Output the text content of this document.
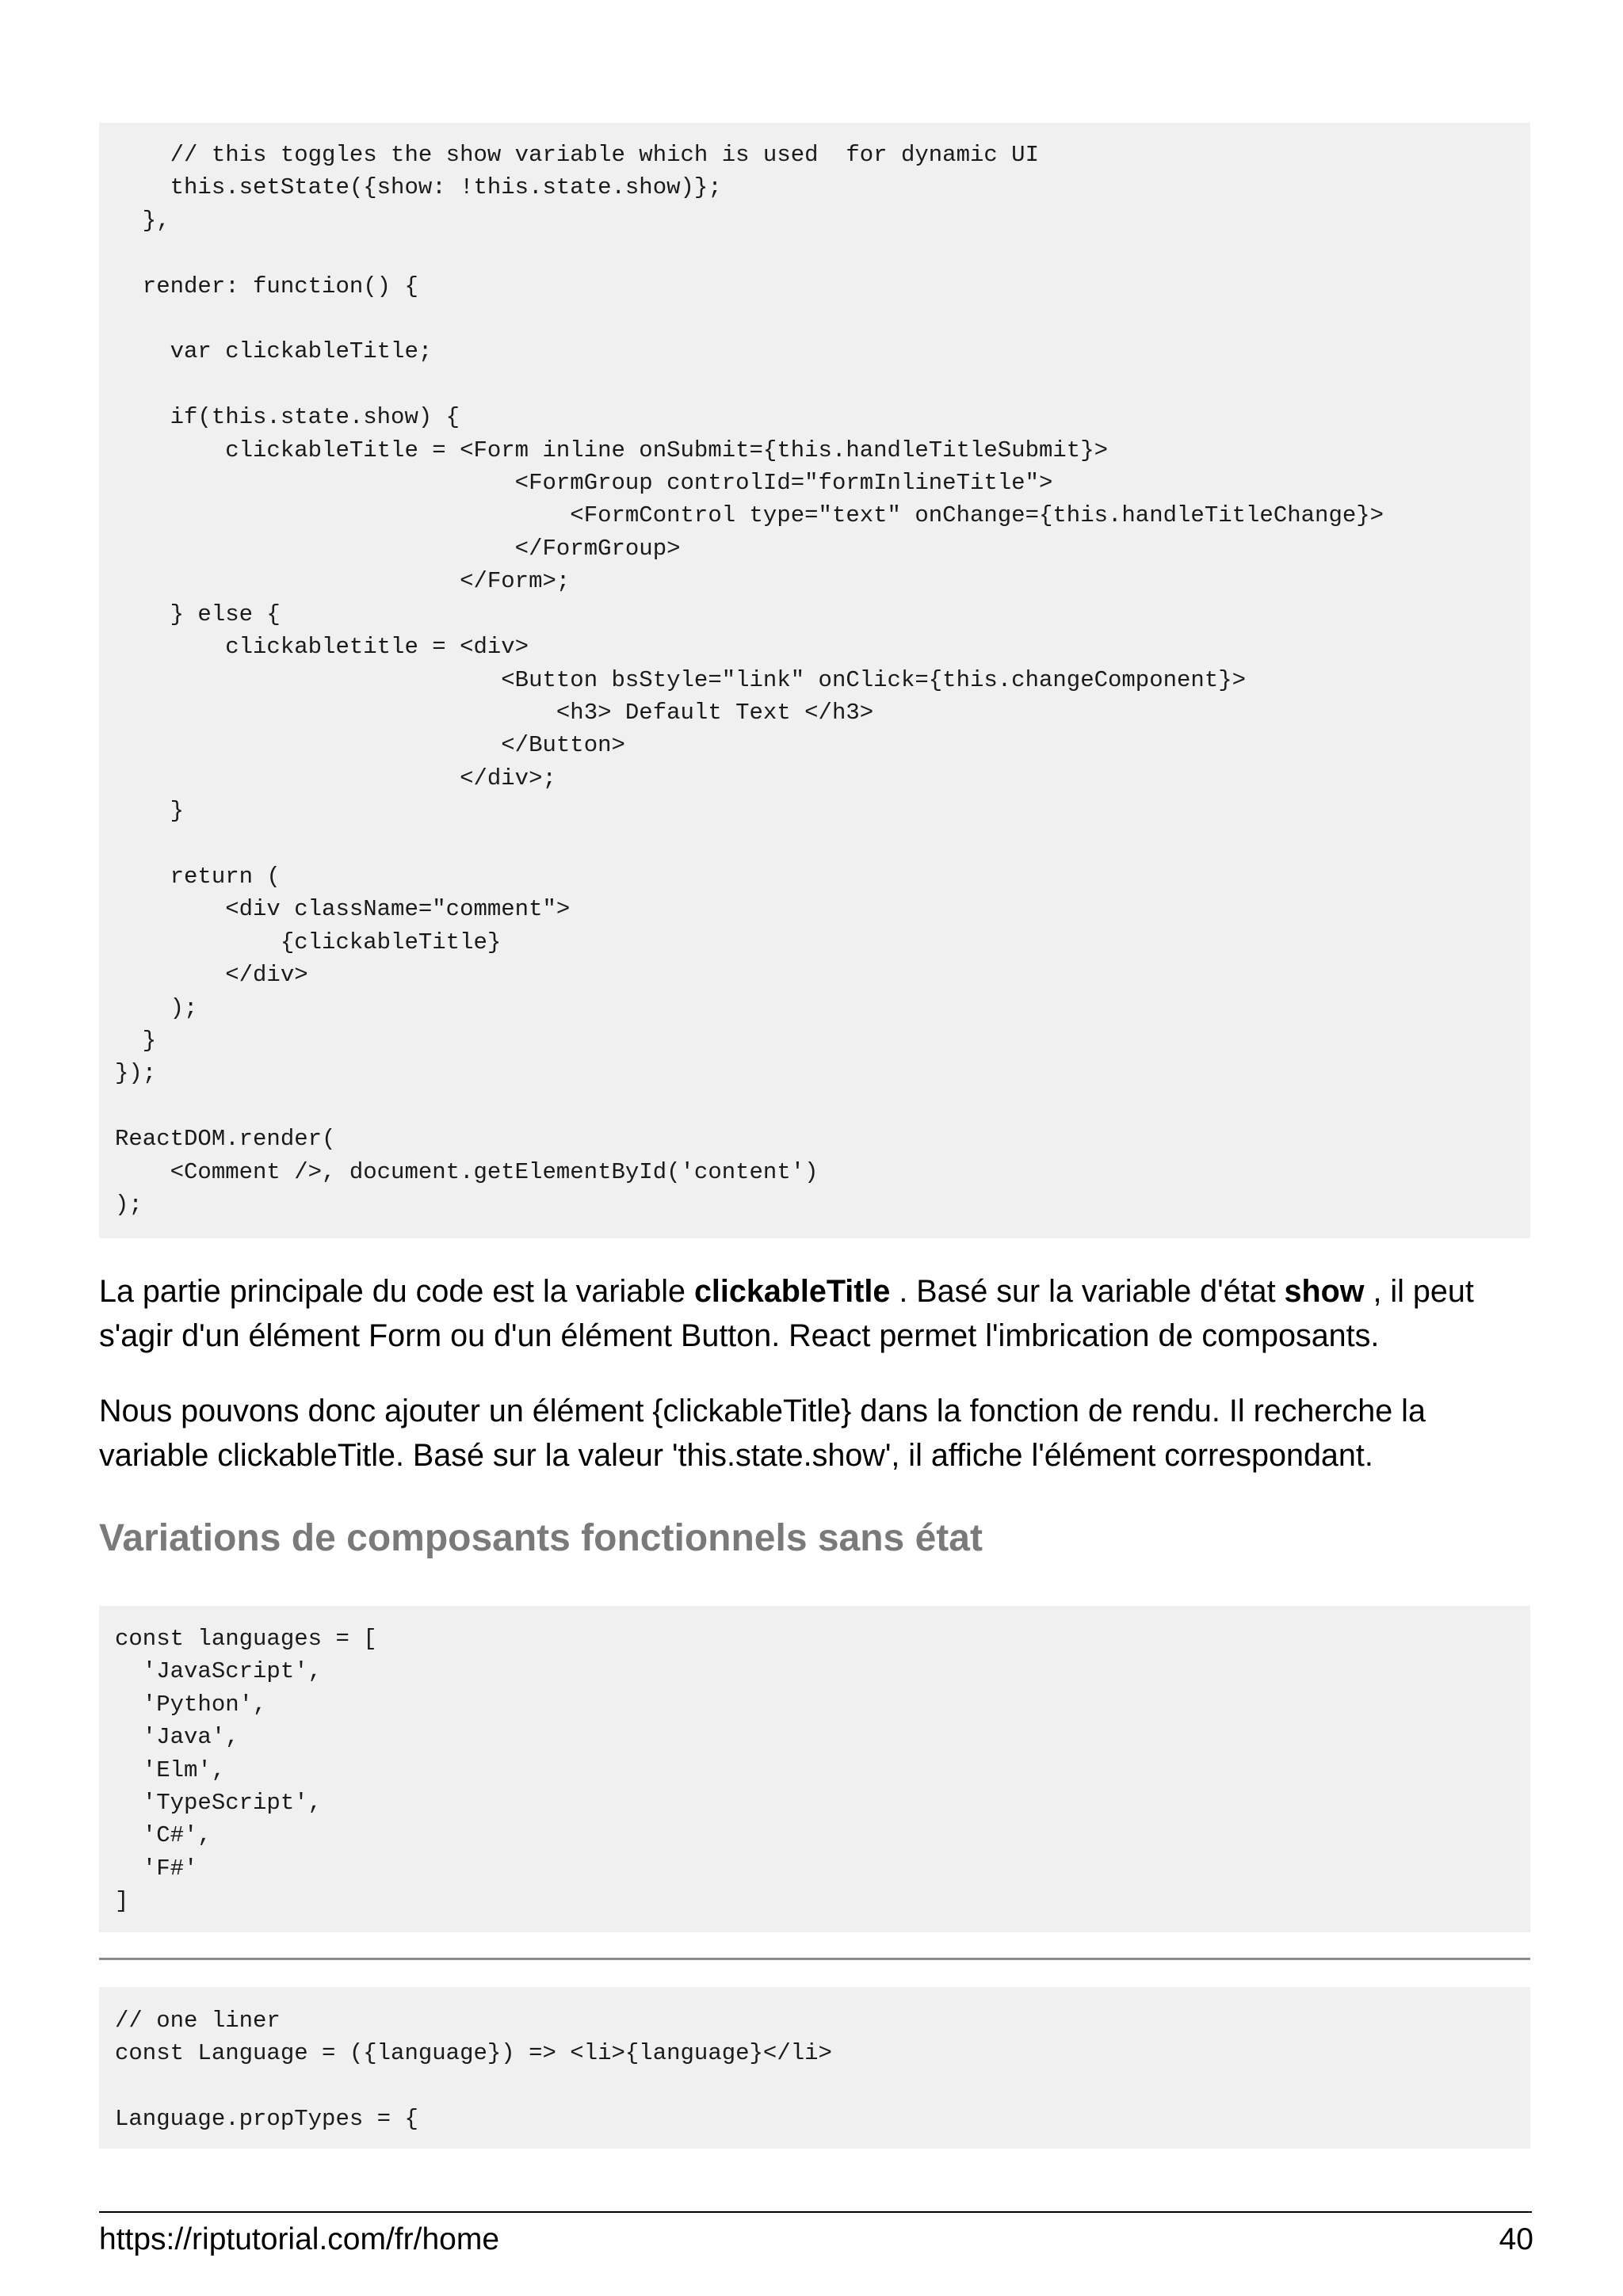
// this toggles the show variable which is used  for dynamic UI
this.setState({show: !this.state.show)};
},

render: function() {

var clickableTitle;

if(this.state.show) {
clickableTitle = <Form inline onSubmit={this.handleTitleSubmit}>
<FormGroup controlId="formInlineTitle">
<FormControl type="text" onChange={this.handleTitleChange}>
</FormGroup>
</Form>;
} else {
clickabletitle = <div>
<Button bsStyle="link" onClick={this.changeComponent}>
<h3> Default Text </h3>
</Button>
</div>;
}

return (
<div className="comment">
{clickableTitle}
</div>
);
}
});

ReactDOM.render(
<Comment />, document.getElementById('content')
);

La partie principale du code est la variable clickableTitle . Basé sur la variable d'état show , il peut s'agir d'un élément Form ou d'un élément Button. React permet l'imbrication de composants.

Nous pouvons donc ajouter un élément {clickableTitle} dans la fonction de rendu. Il recherche la variable clickableTitle. Basé sur la valeur 'this.state.show', il affiche l'élément correspondant.

Variations de composants fonctionnels sans état
const languages = [
'JavaScript',
'Python',
'Java',
'Elm',
'TypeScript',
'C#',
'F#'
]
// one liner
const Language = ({language}) => <li>{language}</li>

Language.propTypes = {
https://riptutorial.com/fr/home	40
